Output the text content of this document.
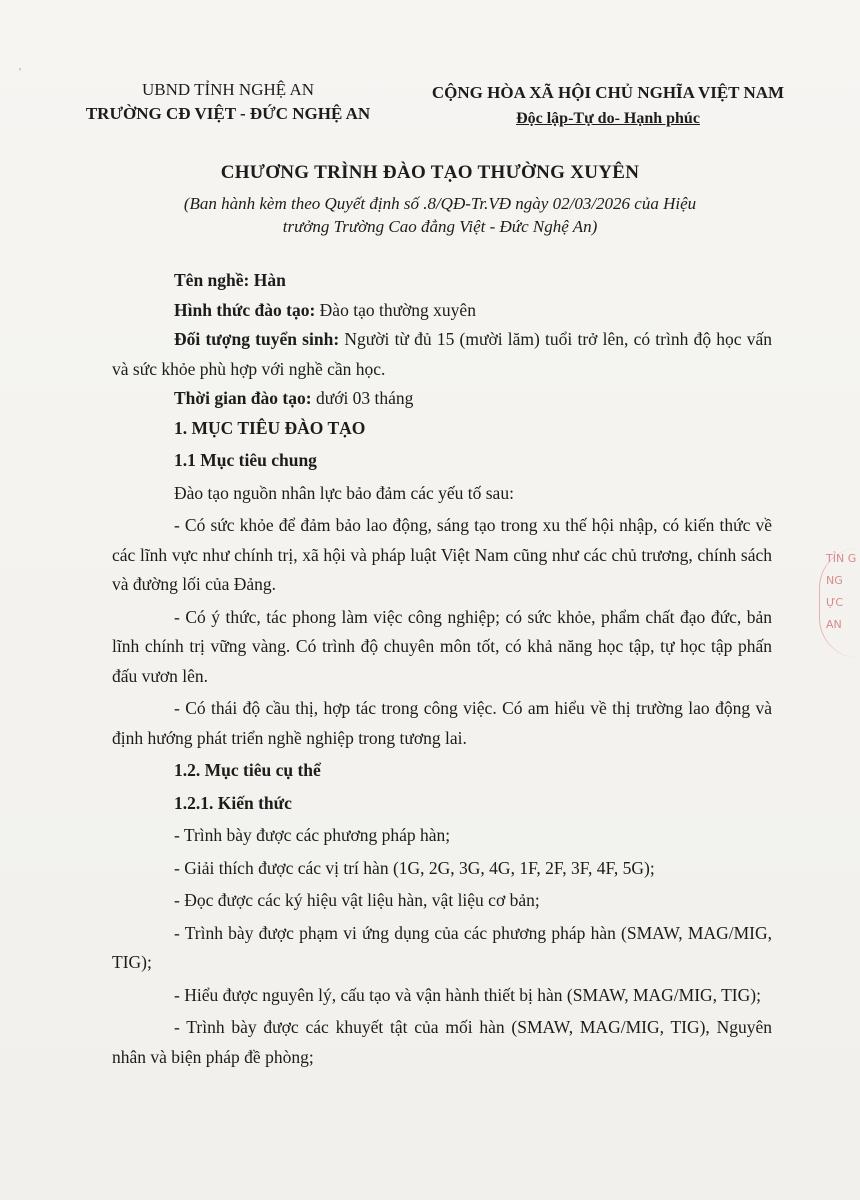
˒
UBND TỈNH NGHỆ AN
TRƯỜNG CĐ VIỆT - ĐỨC NGHỆ AN
CỘNG HÒA XÃ HỘI CHỦ NGHĨA VIỆT NAM
Độc lập-Tự do- Hạnh phúc
CHƯƠNG TRÌNH ĐÀO TẠO THƯỜNG XUYÊN
(Ban hành kèm theo Quyết định số .8/QĐ-Tr.VĐ ngày 02/03/2026 của Hiệu
trưởng Trường Cao đẳng Việt - Đức Nghệ An)

Tên nghề: Hàn

Hình thức đào tạo: Đào tạo thường xuyên

Đối tượng tuyển sinh: Người từ đủ 15 (mười lăm) tuổi trở lên, có trình độ học vấn và sức khỏe phù hợp với nghề cần học.

Thời gian đào tạo: dưới 03 tháng

1. MỤC TIÊU ĐÀO TẠO

1.1 Mục tiêu chung

Đào tạo nguồn nhân lực bảo đảm các yếu tố sau:

- Có sức khỏe để đảm bảo lao động, sáng tạo trong xu thế hội nhập, có kiến thức về các lĩnh vực như chính trị, xã hội và pháp luật Việt Nam cũng như các chủ trương, chính sách và đường lối của Đảng.

- Có ý thức, tác phong làm việc công nghiệp; có sức khỏe, phẩm chất đạo đức, bản lĩnh chính trị vững vàng. Có trình độ chuyên môn tốt, có khả năng học tập, tự học tập phấn đấu vươn lên.

- Có thái độ cầu thị, hợp tác trong công việc. Có am hiểu về thị trường lao động và định hướng phát triển nghề nghiệp trong tương lai.

1.2. Mục tiêu cụ thể

1.2.1. Kiến thức

- Trình bày được các phương pháp hàn;

- Giải thích được các vị trí hàn (1G, 2G, 3G, 4G, 1F, 2F, 3F, 4F, 5G);

- Đọc được các ký hiệu vật liệu hàn, vật liệu cơ bản;

- Trình bày được phạm vi ứng dụng của các phương pháp hàn (SMAW, MAG/MIG, TIG);

- Hiểu được nguyên lý, cấu tạo và vận hành thiết bị hàn (SMAW, MAG/MIG, TIG);

- Trình bày được các khuyết tật của mối hàn (SMAW, MAG/MIG, TIG), Nguyên nhân và biện pháp đề phòng;

TỈN G NG ỰC AN
